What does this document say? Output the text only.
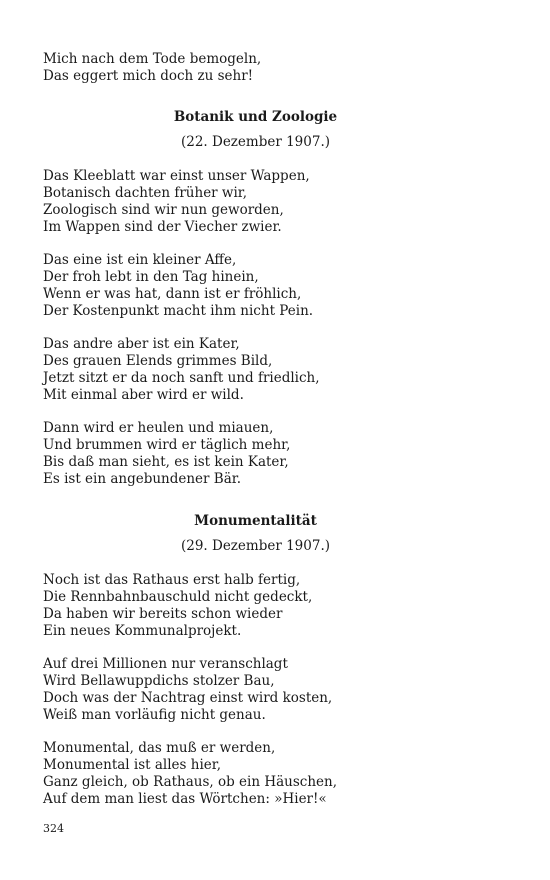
Mich nach dem Tode bemogeln,
Das eggert mich doch zu sehr!
Botanik und Zoologie
(22. Dezember 1907.)
Das Kleeblatt war einst unser Wappen,
Botanisch dachten früher wir,
Zoologisch sind wir nun geworden,
Im Wappen sind der Viecher zwier.
Das eine ist ein kleiner Affe,
Der froh lebt in den Tag hinein,
Wenn er was hat, dann ist er fröhlich,
Der Kostenpunkt macht ihm nicht Pein.
Das andre aber ist ein Kater,
Des grauen Elends grimmes Bild,
Jetzt sitzt er da noch sanft und friedlich,
Mit einmal aber wird er wild.
Dann wird er heulen und miauen,
Und brummen wird er täglich mehr,
Bis daß man sieht, es ist kein Kater,
Es ist ein angebundener Bär.
Monumentalität
(29. Dezember 1907.)
Noch ist das Rathaus erst halb fertig,
Die Rennbahnbauschuld nicht gedeckt,
Da haben wir bereits schon wieder
Ein neues Kommunalprojekt.
Auf drei Millionen nur veranschlagt
Wird Bellawuppdichs stolzer Bau,
Doch was der Nachtrag einst wird kosten,
Weiß man vorläufig nicht genau.
Monumental, das muß er werden,
Monumental ist alles hier,
Ganz gleich, ob Rathaus, ob ein Häuschen,
Auf dem man liest das Wörtchen: »Hier!«
324
